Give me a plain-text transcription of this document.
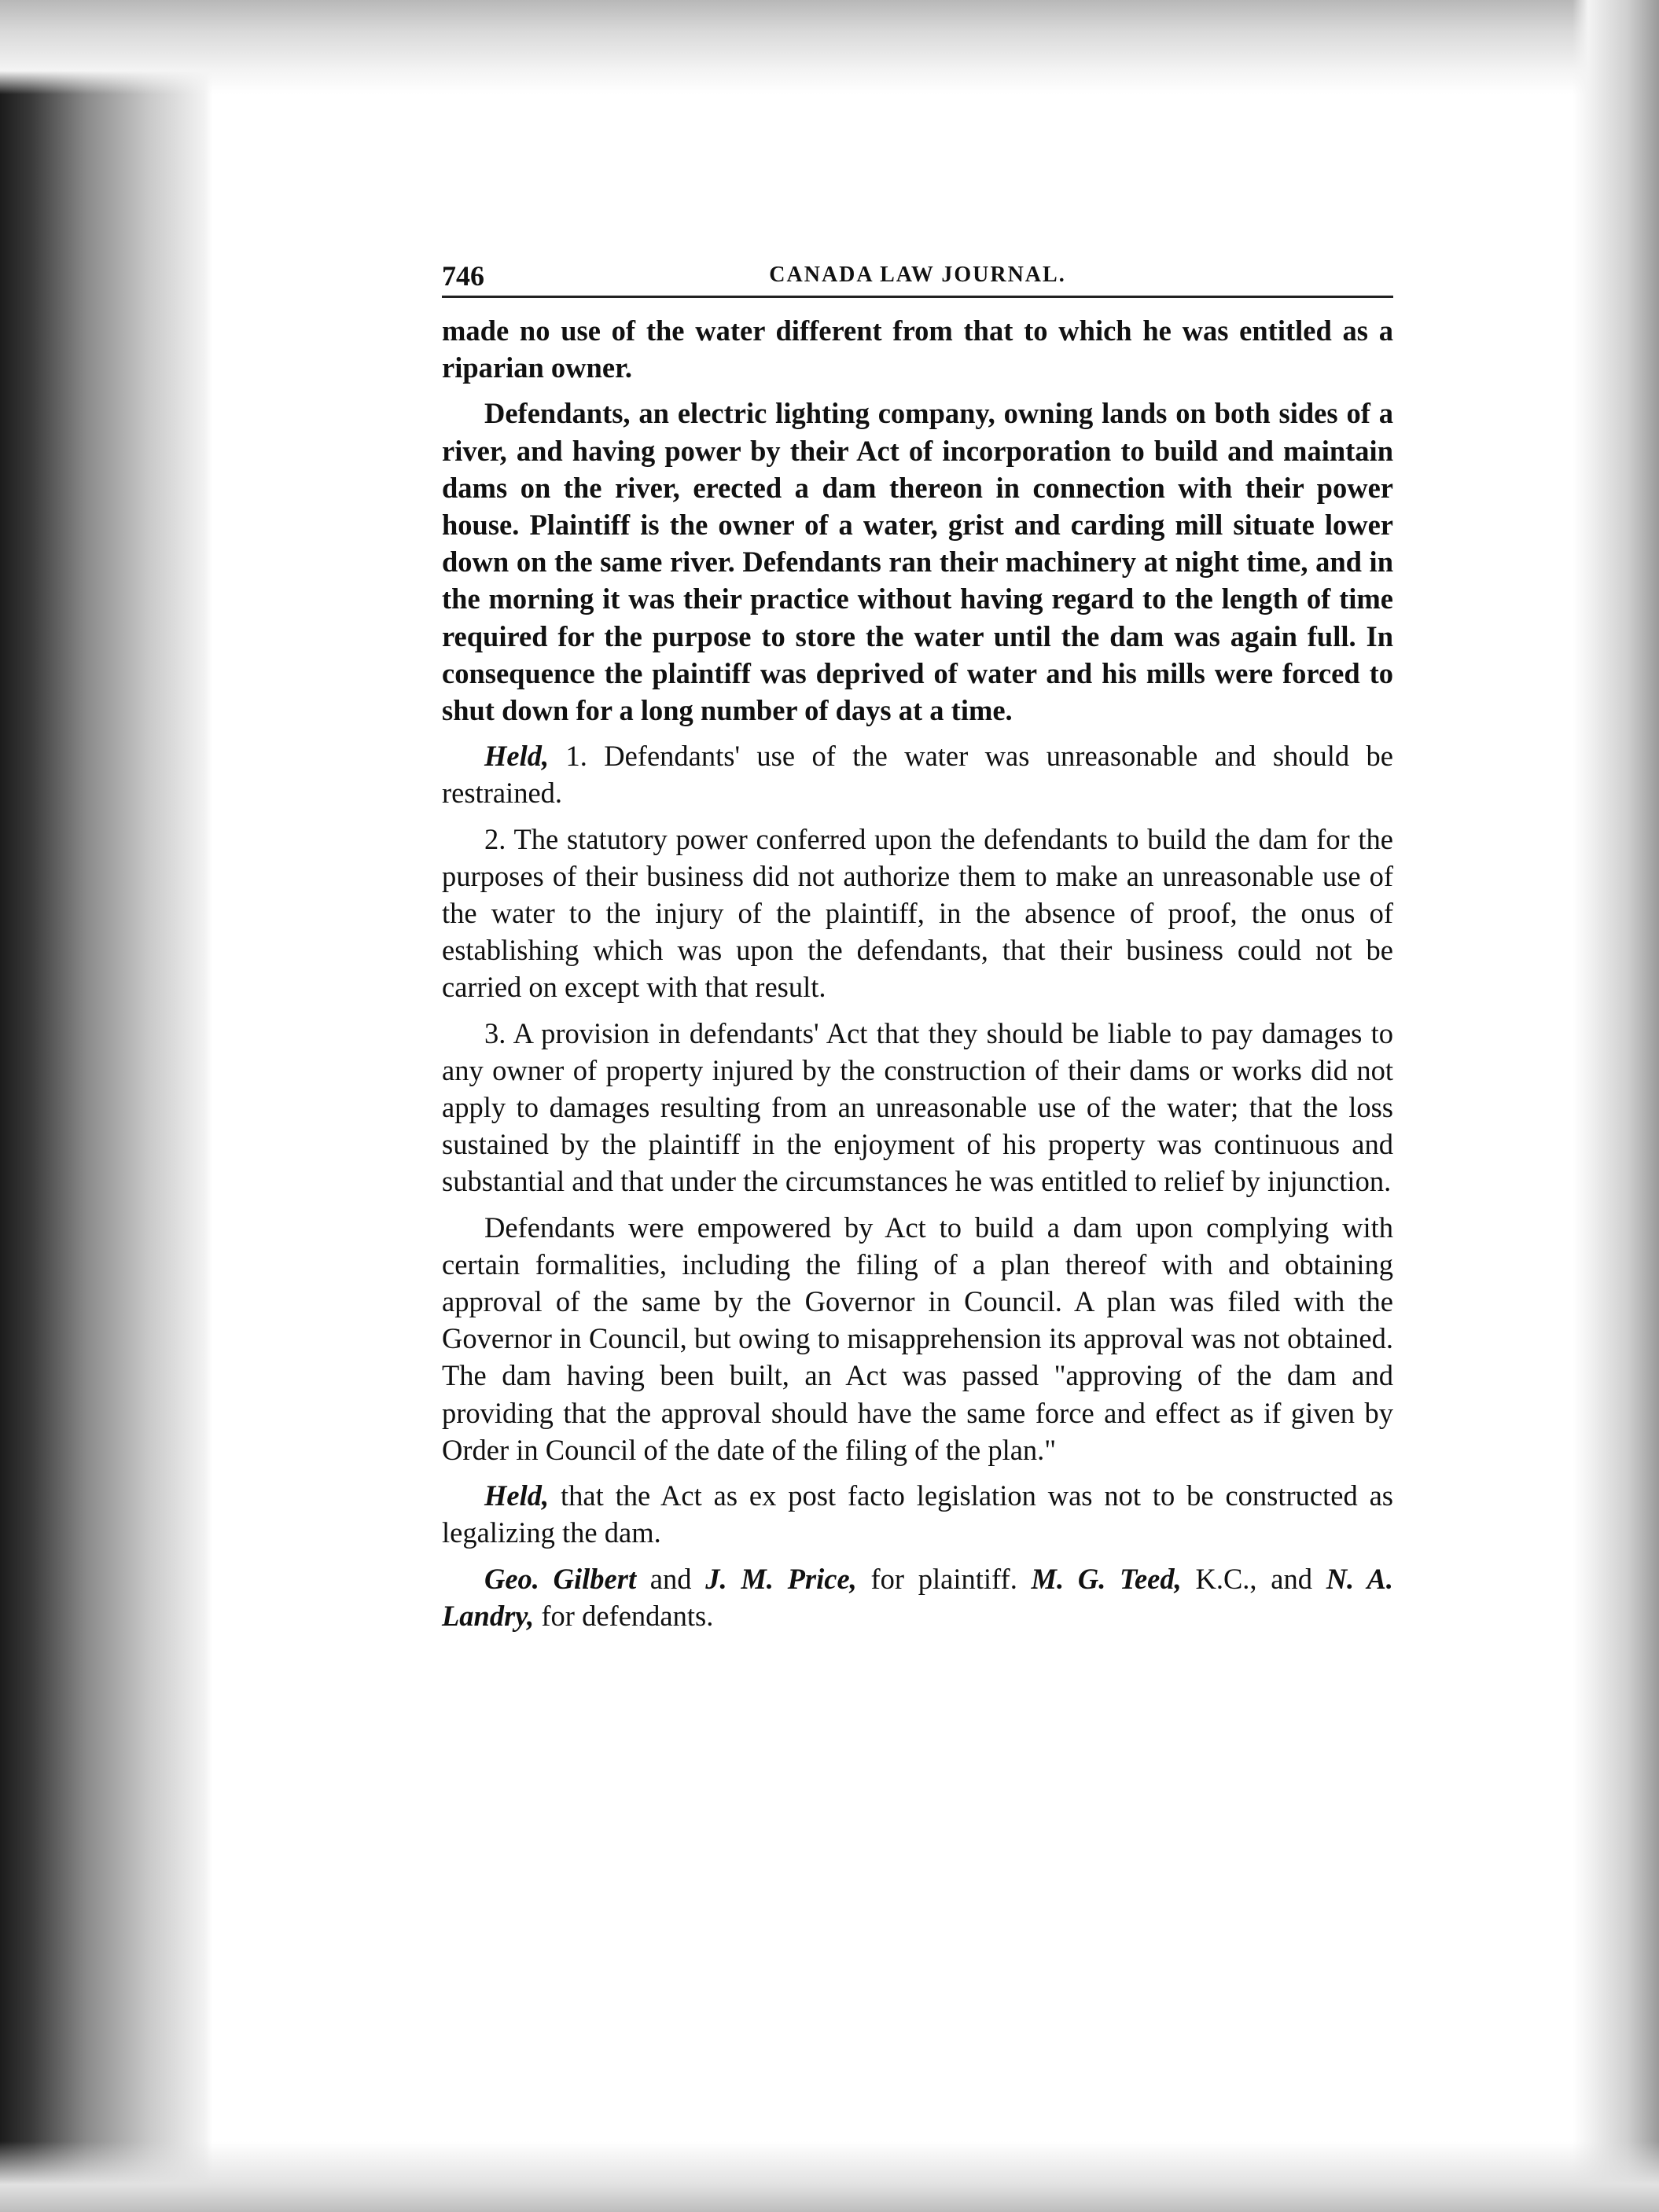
746	CANADA LAW JOURNAL.

made no use of the water different from that to which he was entitled as a riparian owner.

Defendants, an electric lighting company, owning lands on both sides of a river, and having power by their Act of incorporation to build and maintain dams on the river, erected a dam thereon in connection with their power house. Plaintiff is the owner of a water, grist and carding mill situate lower down on the same river. Defendants ran their machinery at night time, and in the morning it was their practice without having regard to the length of time required for the purpose to store the water until the dam was again full. In consequence the plaintiff was deprived of water and his mills were forced to shut down for a long number of days at a time.

Held, 1. Defendants' use of the water was unreasonable and should be restrained.

2. The statutory power conferred upon the defendants to build the dam for the purposes of their business did not authorize them to make an unreasonable use of the water to the injury of the plaintiff, in the absence of proof, the onus of establishing which was upon the defendants, that their business could not be carried on except with that result.

3. A provision in defendants' Act that they should be liable to pay damages to any owner of property injured by the construction of their dams or works did not apply to damages resulting from an unreasonable use of the water; that the loss sustained by the plaintiff in the enjoyment of his property was continuous and substantial and that under the circumstances he was entitled to relief by injunction.

Defendants were empowered by Act to build a dam upon complying with certain formalities, including the filing of a plan thereof with and obtaining approval of the same by the Governor in Council. A plan was filed with the Governor in Council, but owing to misapprehension its approval was not obtained. The dam having been built, an Act was passed "approving of the dam and providing that the approval should have the same force and effect as if given by Order in Council of the date of the filing of the plan."

Held, that the Act as ex post facto legislation was not to be constructed as legalizing the dam.

Geo. Gilbert and J. M. Price, for plaintiff. M. G. Teed, K.C., and N. A. Landry, for defendants.
